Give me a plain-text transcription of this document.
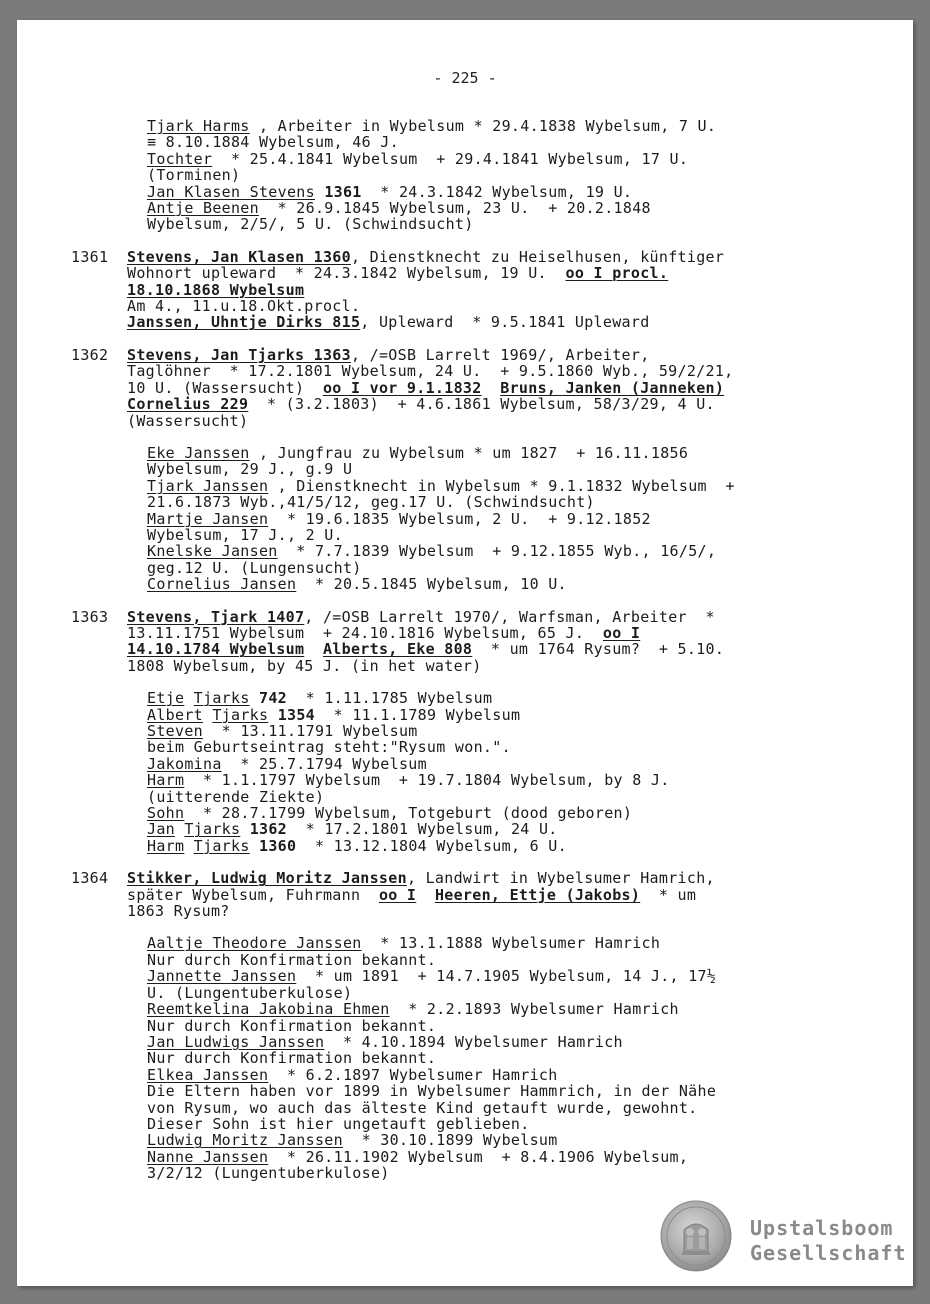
- 225 -
Tjark Harms , Arbeiter in Wybelsum * 29.4.1838 Wybelsum, 7 U.
≡ 8.10.1884 Wybelsum, 46 J.
Tochter  * 25.4.1841 Wybelsum  + 29.4.1841 Wybelsum, 17 U.
(Torminen)
Jan Klasen Stevens 1361  * 24.3.1842 Wybelsum, 19 U.
Antje Beenen  * 26.9.1845 Wybelsum, 23 U.  + 20.2.1848
Wybelsum, 2/5/, 5 U. (Schwindsucht)
1361 Stevens, Jan Klasen 1360, Dienstknecht zu Heiselhusen, künftiger
Wohnort upleward  * 24.3.1842 Wybelsum, 19 U.  oo I procl.
18.10.1868 Wybelsum
Am 4., 11.u.18.Okt.procl.
Janssen, Uhntje Dirks 815, Upleward  * 9.5.1841 Upleward
1362 Stevens, Jan Tjarks 1363, /=OSB Larrelt 1969/, Arbeiter,
Taglöhner  * 17.2.1801 Wybelsum, 24 U.  + 9.5.1860 Wyb., 59/2/21,
10 U. (Wassersucht)  oo I vor 9.1.1832 Bruns, Janken (Janneken)
Cornelius 229  * (3.2.1803)  + 4.6.1861 Wybelsum, 58/3/29, 4 U.
(Wassersucht)
Eke Janssen , Jungfrau zu Wybelsum * um 1827  + 16.11.1856
Wybelsum, 29 J., g.9 U
Tjark Janssen , Dienstknecht in Wybelsum * 9.1.1832 Wybelsum  +
21.6.1873 Wyb.,41/5/12, geg.17 U. (Schwindsucht)
Martje Jansen  * 19.6.1835 Wybelsum, 2 U.  + 9.12.1852
Wybelsum, 17 J., 2 U.
Knelske Jansen  * 7.7.1839 Wybelsum  + 9.12.1855 Wyb., 16/5/,
geg.12 U. (Lungensucht)
Cornelius Jansen  * 20.5.1845 Wybelsum, 10 U.
1363 Stevens, Tjark 1407, /=OSB Larrelt 1970/, Warfsman, Arbeiter  *
13.11.1751 Wybelsum  + 24.10.1816 Wybelsum, 65 J.  oo I
14.10.1784 Wybelsum Alberts, Eke 808  * um 1764 Rysum?  + 5.10.
1808 Wybelsum, by 45 J. (in het water)
Etje Tjarks 742  * 1.11.1785 Wybelsum
Albert Tjarks 1354  * 11.1.1789 Wybelsum
Steven  * 13.11.1791 Wybelsum
beim Geburtseintrag steht:"Rysum won.".
Jakomina  * 25.7.1794 Wybelsum
Harm  * 1.1.1797 Wybelsum  + 19.7.1804 Wybelsum, by 8 J.
(uitterende Ziekte)
Sohn  * 28.7.1799 Wybelsum, Totgeburt (dood geboren)
Jan Tjarks 1362  * 17.2.1801 Wybelsum, 24 U.
Harm Tjarks 1360  * 13.12.1804 Wybelsum, 6 U.
1364 Stikker, Ludwig Moritz Janssen, Landwirt in Wybelsumer Hamrich,
später Wybelsum, Fuhrmann  oo I Heeren, Ettje (Jakobs)  * um
1863 Rysum?
Aaltje Theodore Janssen  * 13.1.1888 Wybelsumer Hamrich
Nur durch Konfirmation bekannt.
Jannette Janssen  * um 1891  + 14.7.1905 Wybelsum, 14 J., 17½
U. (Lungentuberkulose)
Reemtkelina Jakobina Ehmen  * 2.2.1893 Wybelsumer Hamrich
Nur durch Konfirmation bekannt.
Jan Ludwigs Janssen  * 4.10.1894 Wybelsumer Hamrich
Nur durch Konfirmation bekannt.
Elkea Janssen  * 6.2.1897 Wybelsumer Hamrich
Die Eltern haben vor 1899 in Wybelsumer Hammrich, in der Nähe
von Rysum, wo auch das älteste Kind getauft wurde, gewohnt.
Dieser Sohn ist hier ungetauft geblieben.
Ludwig Moritz Janssen  * 30.10.1899 Wybelsum
Nanne Janssen  * 26.11.1902 Wybelsum  + 8.4.1906 Wybelsum,
3/2/12 (Lungentuberkulose)
Upstalsboom
Gesellschaft
